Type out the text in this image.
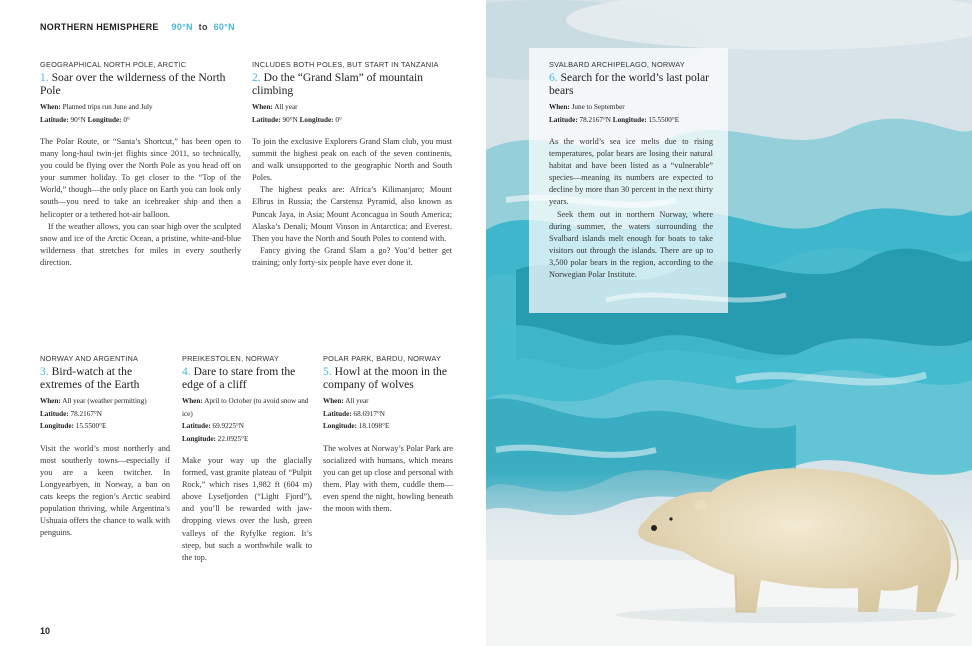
NORTHERN HEMISPHERE 90°N to 60°N
GEOGRAPHICAL NORTH POLE, ARCTIC
1. Soar over the wilderness of the North Pole
When: Planned trips run June and July
Latitude: 90°N Longitude: 0°

The Polar Route, or “Santa’s Shortcut,” has been open to many long-haul twin-jet flights since 2011, so technically, you could be flying over the North Pole as you head off on your summer holiday. To get closer to the “Top of the World,” though—the only place on Earth you can look only south—you need to take an icebreaker ship and then a helicopter or a tethered hot-air balloon.

If the weather allows, you can soar high over the sculpted snow and ice of the Arctic Ocean, a pristine, white-and-blue wilderness that stretches for miles in every southerly direction.

INCLUDES BOTH POLES, BUT START IN TANZANIA
2. Do the “Grand Slam” of mountain climbing
When: All year
Latitude: 90°N Longitude: 0°

To join the exclusive Explorers Grand Slam club, you must summit the highest peak on each of the seven continents, and walk unsupported to the geographic North and South Poles.

The highest peaks are: Africa’s Kilimanjaro; Mount Elbrus in Russia; the Carstensz Pyramid, also known as Puncak Jaya, in Asia; Mount Aconcagua in South America; Alaska’s Denali; Mount Vinson in Antarctica; and Everest. Then you have the North and South Poles to contend with.

Fancy giving the Grand Slam a go? You’d better get training; only forty-six people have ever done it.

NORWAY AND ARGENTINA
3. Bird-watch at the extremes of the Earth
When: All year (weather permitting)
Latitude: 78.2167°N
Longitude: 15.5500°E

Visit the world’s most northerly and most southerly towns—especially if you are a keen twitcher. In Longyearbyen, in Norway, a ban on cats keeps the region’s Arctic seabird population thriving, while Argentina’s Ushuaia offers the chance to walk with penguins.

PREIKESTOLEN, NORWAY
4. Dare to stare from the edge of a cliff
When: April to October (to avoid snow and ice)
Latitude: 69.9225°N
Longitude: 22.0925°E

Make your way up the glacially formed, vast granite plateau of “Pulpit Rock,” which rises 1,982 ft (604 m) above Lysefjorden (“Light Fjord”), and you’ll be rewarded with jaw-dropping views over the lush, green valleys of the Ryfylke region. It’s steep, but such a worthwhile walk to the top.

POLAR PARK, BARDU, NORWAY
5. Howl at the moon in the company of wolves
When: All year
Latitude: 68.6917°N
Longitude: 18.1098°E

The wolves at Norway’s Polar Park are socialized with humans, which means you can get up close and personal with them. Play with them, cuddle them—even spend the night, howling beneath the moon with them.

10
SVALBARD ARCHIPELAGO, NORWAY
6. Search for the world’s last polar bears
When: June to September
Latitude: 78.2167°N Longitude: 15.5500°E

As the world’s sea ice melts due to rising temperatures, polar bears are losing their natural habitat and have been listed as a “vulnerable” species—meaning its numbers are expected to decline by more than 30 percent in the next thirty years.

Seek them out in northern Norway, where during summer, the waters surrounding the Svalbard islands melt enough for boats to take visitors out through the islands. There are up to 3,500 polar bears in the region, according to the Norwegian Polar Institute.
